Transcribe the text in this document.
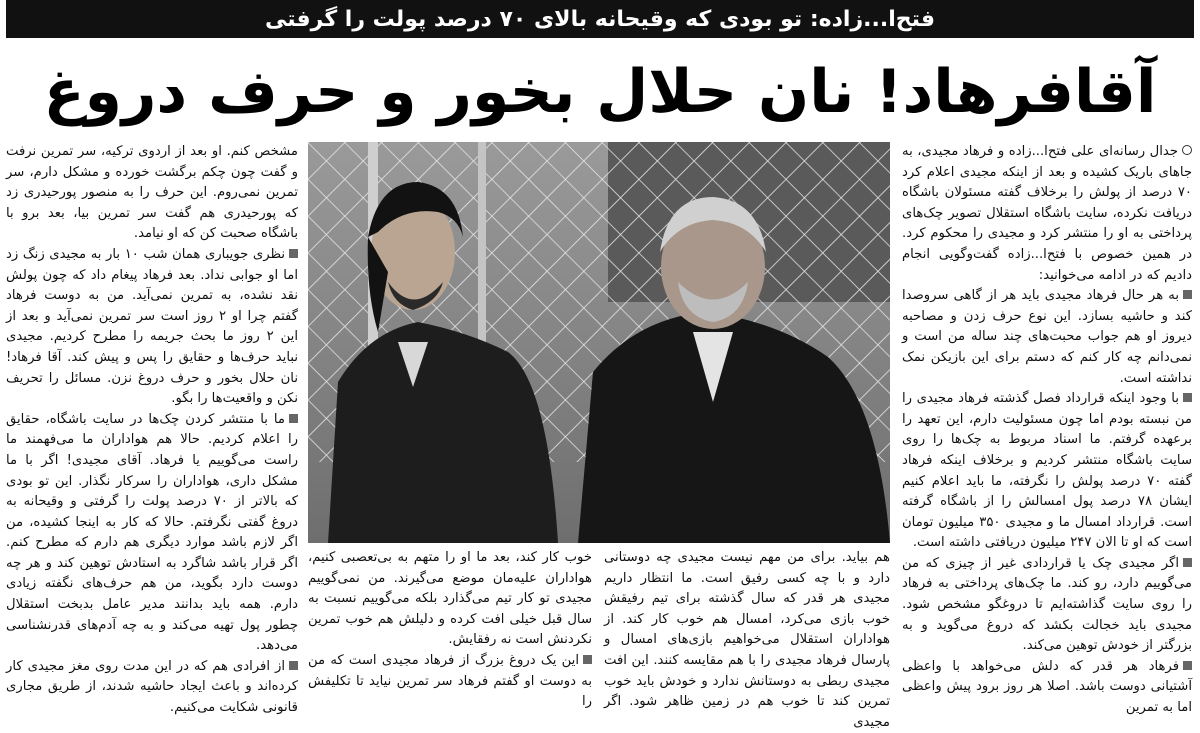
فتح‌ا...زاده: تو بودی که وقیحانه بالای ۷۰ درصد پولت را گرفتی
آقافرهاد! نان حلال بخور و حرف دروغ

جدال رسانه‌ای علی فتح‌ا...زاده و فرهاد مجیدی، به جاهای باریک کشیده و بعد از اینکه مجیدی اعلام کرد ۷۰ درصد از پولش را برخلاف گفته مسئولان باشگاه دریافت نکرده، سایت باشگاه استقلال تصویر چک‌های پرداختی به او را منتشر کرد و مجیدی را محکوم کرد. در همین خصوص با فتح‌ا...زاده گفت‌وگویی انجام دادیم که در ادامه می‌خوانید:

به هر حال فرهاد مجیدی باید هر از گاهی سروصدا کند و حاشیه بسازد. این نوع حرف زدن و مصاحبه دیروز او هم جواب محبت‌های چند ساله من است و نمی‌دانم چه کار کنم که دستم برای این بازیکن نمک نداشته است.

با وجود اینکه قرارداد فصل گذشته فرهاد مجیدی را من نبسته بودم اما چون مسئولیت دارم، این تعهد را برعهده گرفتم. ما اسناد مربوط به چک‌ها را روی سایت باشگاه منتشر کردیم و برخلاف اینکه فرهاد گفته ۷۰ درصد پولش را نگرفته، ما باید اعلام کنیم ایشان ۷۸ درصد پول امسالش را از باشگاه گرفته است. قرارداد امسال ما و مجیدی ۳۵۰ میلیون تومان است که او تا الان ۲۴۷ میلیون دریافتی داشته است.

اگر مجیدی چک یا قراردادی غیر از چیزی که من می‌گوییم دارد، رو کند. ما چک‌های پرداختی به فرهاد را روی سایت گذاشته‌ایم تا دروغگو مشخص شود. مجیدی باید خجالت بکشد که دروغ می‌گوید و به بزرگتر از خودش توهین می‌کند.

فرهاد هر قدر که دلش می‌خواهد با واعظی آشتیانی دوست باشد. اصلا هر روز برود پیش واعظی اما به تمرین

مشخص کنم. او بعد از اردوی ترکیه، سر تمرین نرفت و گفت چون چکم برگشت خورده و مشکل دارم، سر تمرین نمی‌روم. این حرف را به منصور پورحیدری زد که پورحیدری هم گفت سر تمرین بیا، بعد برو با باشگاه صحبت کن که او نیامد.

نظری جویباری همان شب ۱۰ بار به مجیدی زنگ زد اما او جوابی نداد. بعد فرهاد پیغام داد که چون پولش نقد نشده، به تمرین نمی‌آید. من به دوست فرهاد گفتم چرا او ۲ روز است سر تمرین نمی‌آید و بعد از این ۲ روز ما بحث جریمه را مطرح کردیم. مجیدی نباید حرف‌ها و حقایق را پس و پیش کند. آقا فرهاد! نان حلال بخور و حرف دروغ نزن. مسائل را تحریف نکن و واقعیت‌ها را بگو.

ما با منتشر کردن چک‌ها در سایت باشگاه، حقایق را اعلام کردیم. حالا هم هواداران ما می‌فهمند ما راست می‌گوییم یا فرهاد. آقای مجیدی! اگر با ما مشکل داری، هواداران را سرکار نگذار. این تو بودی که بالاتر از ۷۰ درصد پولت را گرفتی و وقیحانه به دروغ گفتی نگرفتم. حالا که کار به اینجا کشیده، من اگر لازم باشد موارد دیگری هم دارم که مطرح کنم. اگر قرار باشد شاگرد به استادش توهین کند و هر چه دوست دارد بگوید، من هم حرف‌های نگفته زیادی دارم. همه باید بدانند مدیر عامل بدبخت استقلال چطور پول تهیه می‌کند و به چه آدم‌های قدرنشناسی می‌دهد.

از افرادی هم که در این مدت روی مغز مجیدی کار کرده‌اند و باعث ایجاد حاشیه شدند، از طریق مجاری قانونی شکایت می‌کنیم.

هم بیاید. برای من مهم نیست مجیدی چه دوستانی دارد و با چه کسی رفیق است. ما انتظار داریم مجیدی هر قدر که سال گذشته برای تیم رفیقش خوب بازی می‌کرد، امسال هم خوب کار کند. از هواداران استقلال می‌خواهیم بازی‌های امسال و پارسال فرهاد مجیدی را با هم مقایسه کنند. این افت مجیدی ربطی به دوستانش ندارد و خودش باید خوب تمرین کند تا خوب هم در زمین ظاهر شود. اگر مجیدی

خوب کار کند، بعد ما او را متهم به بی‌تعصبی کنیم، هواداران علیه‌مان موضع می‌گیرند. من نمی‌گوییم مجیدی تو کار تیم می‌گذارد بلکه می‌گوییم نسبت به سال قبل خیلی افت کرده و دلیلش هم خوب تمرین نکردنش است نه رفقایش.

این یک دروغ بزرگ از فرهاد مجیدی است که من به دوست او گفتم فرهاد سر تمرین نیاید تا تکلیفش را
